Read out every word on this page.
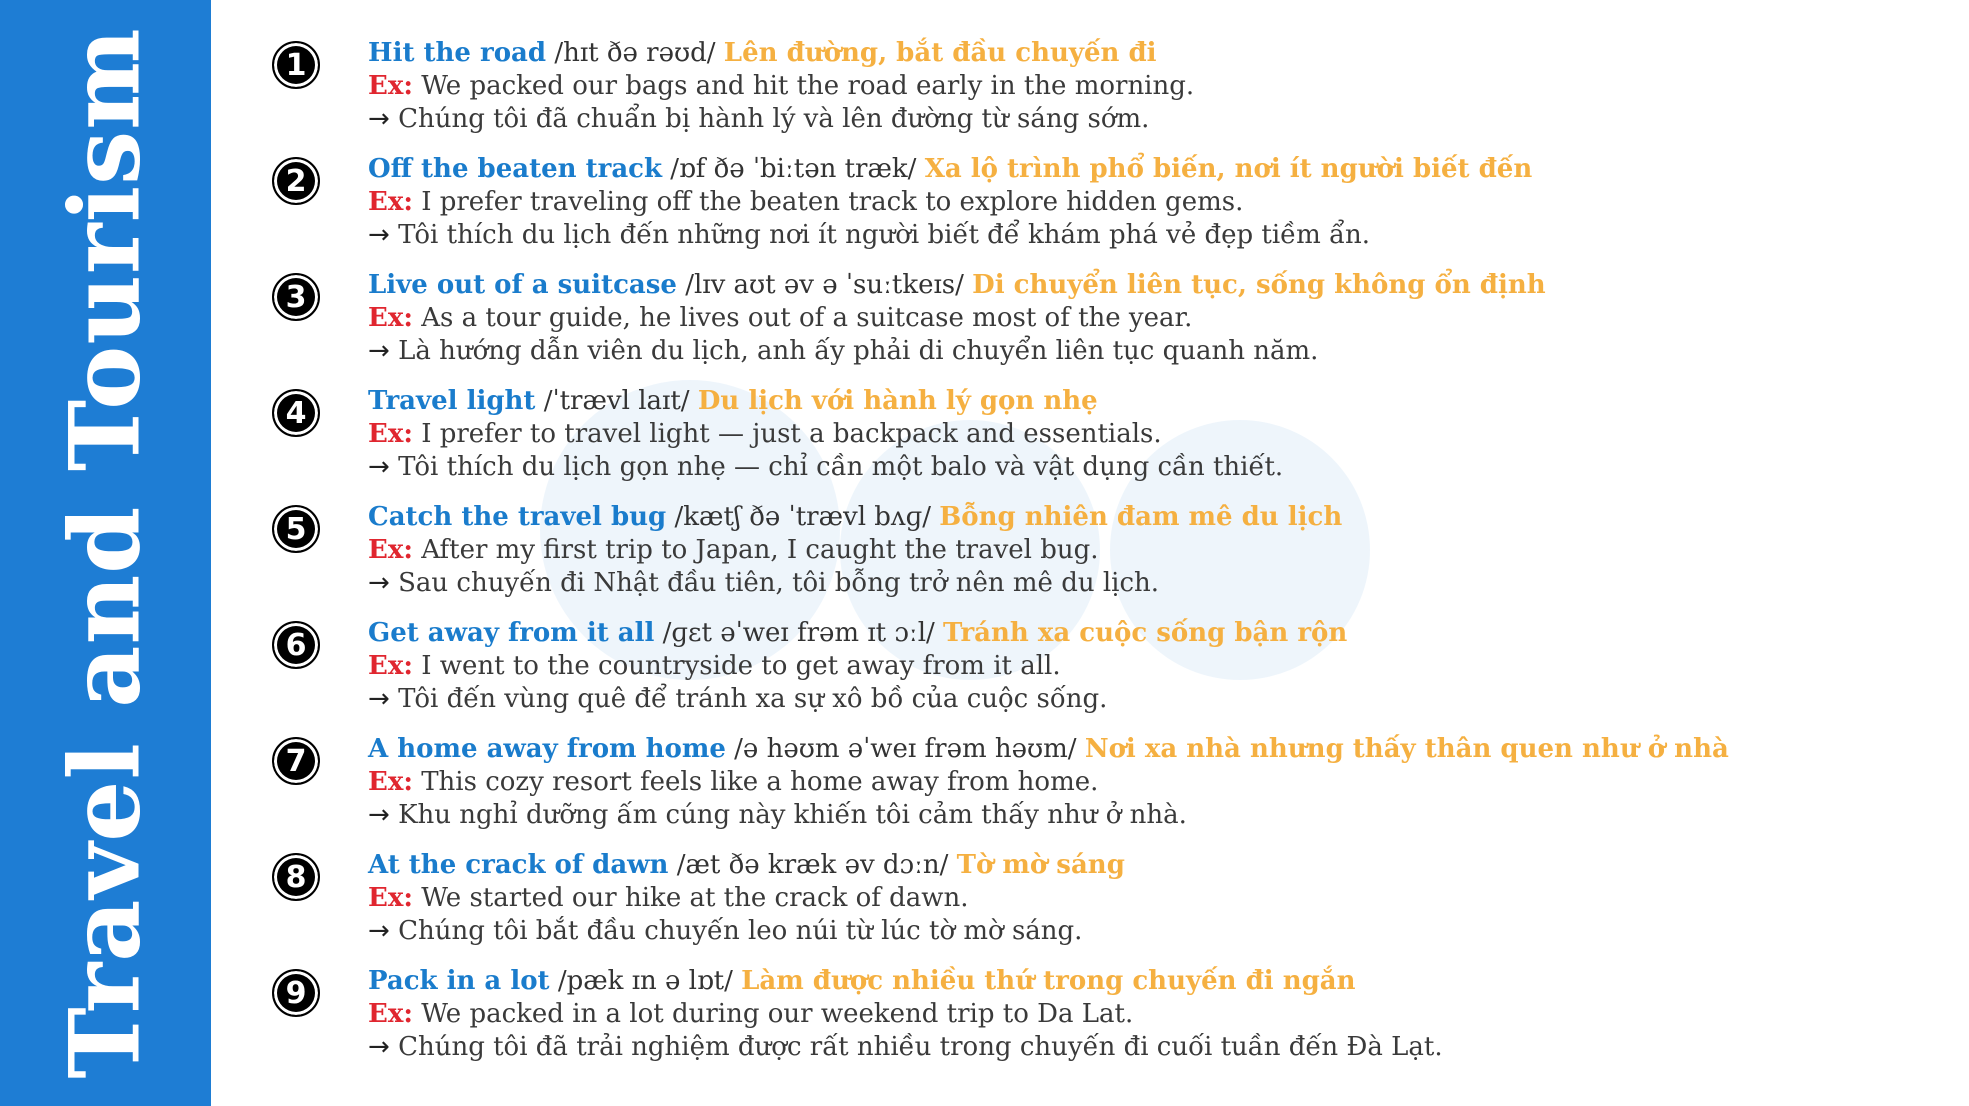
Travel and Tourism	1	Hit the road /hɪt ðə rəʊd/ Lên đường, bắt đầu chuyến đi
Ex: We packed our bags and hit the road early in the morning.
→ Chúng tôi đã chuẩn bị hành lý và lên đường từ sáng sớm.
2	Off the beaten track /ɒf ðə ˈbiːtən træk/ Xa lộ trình phổ biến, nơi ít người biết đến
Ex: I prefer traveling off the beaten track to explore hidden gems.
→ Tôi thích du lịch đến những nơi ít người biết để khám phá vẻ đẹp tiềm ẩn.
3	Live out of a suitcase /lɪv aʊt əv ə ˈsuːtkeɪs/ Di chuyển liên tục, sống không ổn định
Ex: As a tour guide, he lives out of a suitcase most of the year.
→ Là hướng dẫn viên du lịch, anh ấy phải di chuyển liên tục quanh năm.
4	Travel light /ˈtrævl laɪt/ Du lịch với hành lý gọn nhẹ
Ex: I prefer to travel light — just a backpack and essentials.
→ Tôi thích du lịch gọn nhẹ — chỉ cần một balo và vật dụng cần thiết.
5	Catch the travel bug /kætʃ ðə ˈtrævl bʌɡ/ Bỗng nhiên đam mê du lịch
Ex: After my first trip to Japan, I caught the travel bug.
→ Sau chuyến đi Nhật đầu tiên, tôi bỗng trở nên mê du lịch.
6	Get away from it all /ɡɛt əˈweɪ frəm ɪt ɔːl/ Tránh xa cuộc sống bận rộn
Ex: I went to the countryside to get away from it all.
→ Tôi đến vùng quê để tránh xa sự xô bồ của cuộc sống.
7	A home away from home /ə həʊm əˈweɪ frəm həʊm/ Nơi xa nhà nhưng thấy thân quen như ở nhà
Ex: This cozy resort feels like a home away from home.
→ Khu nghỉ dưỡng ấm cúng này khiến tôi cảm thấy như ở nhà.
8	At the crack of dawn /æt ðə kræk əv dɔːn/ Tờ mờ sáng
Ex: We started our hike at the crack of dawn.
→ Chúng tôi bắt đầu chuyến leo núi từ lúc tờ mờ sáng.
9	Pack in a lot /pæk ɪn ə lɒt/ Làm được nhiều thứ trong chuyến đi ngắn
Ex: We packed in a lot during our weekend trip to Da Lat.
→ Chúng tôi đã trải nghiệm được rất nhiều trong chuyến đi cuối tuần đến Đà Lạt.
